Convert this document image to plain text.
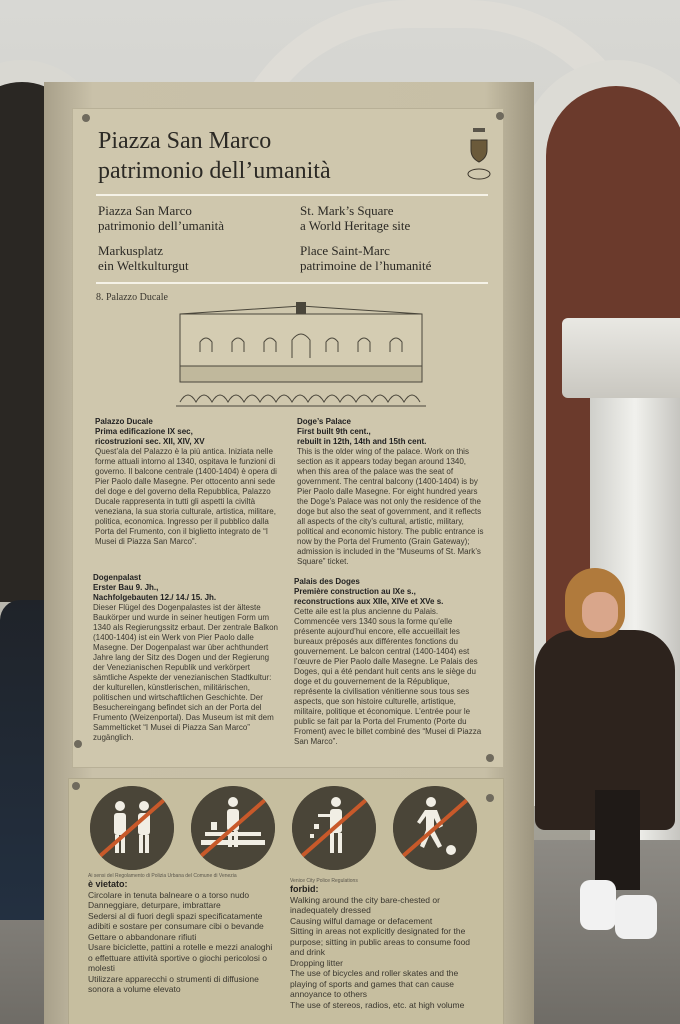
Piazza San Marco
patrimonio dell’umanità
Piazza San Marco
patrimonio dell’umanità
St. Mark’s Square
a World Heritage site
Markusplatz
ein Weltkulturgut
Place Saint-Marc
patrimoine de l’humanité
8. Palazzo Ducale
Palazzo Ducale
Prima edificazione IX sec,
ricostruzioni sec. XII, XIV, XV
Quest’ala del Palazzo è la più antica. Iniziata nelle forme attuali intorno al 1340, ospitava le funzioni di governo. Il balcone centrale (1400-1404) è opera di Pier Paolo dalle Masegne. Per ottocento anni sede del doge e del governo della Repubblica, Palazzo Ducale rappresenta in tutti gli aspetti la civiltà veneziana, la sua storia culturale, artistica, militare, politica, economica. Ingresso per il pubblico dalla Porta del Frumento, con il biglietto integrato de “I Musei di Piazza San Marco”.
Doge’s Palace
First built 9th cent.,
rebuilt in 12th, 14th and 15th cent.
This is the older wing of the palace. Work on this section as it appears today began around 1340, when this area of the palace was the seat of government. The central balcony (1400-1404) is by Pier Paolo dalle Masegne. For eight hundred years the Doge’s Palace was not only the residence of the doge but also the seat of government, and it reflects all aspects of the city’s cultural, artistic, military, political and economic history. The public entrance is now by the Porta del Frumento (Grain Gateway); admission is included in the “Museums of St. Mark’s Square” ticket.
Dogenpalast
Erster Bau 9. Jh.,
Nachfolgebauten 12./ 14./ 15. Jh.
Dieser Flügel des Dogenpalastes ist der älteste Baukörper und wurde in seiner heutigen Form um 1340 als Regierungssitz erbaut. Der zentrale Balkon (1400-1404) ist ein Werk von Pier Paolo dalle Masegne. Der Dogenpalast war über achthundert Jahre lang der Sitz des Dogen und der Regierung der Venezianischen Republik und verkörpert sämtliche Aspekte der venezianischen Stadtkultur: der kulturellen, künstlerischen, militärischen, politischen und wirtschaftlichen Geschichte. Der Besuchereingang befindet sich an der Porta del Frumento (Weizenportal). Das Museum ist mit dem Sammelticket “I Musei di Piazza San Marco” zugänglich.
Palais des Doges
Première construction au IXe s.,
reconstructions aux XIIe, XIVe et XVe s.
Cette aile est la plus ancienne du Palais. Commencée vers 1340 sous la forme qu’elle présente aujourd’hui encore, elle accueillait les bureaux préposés aux différentes fonctions du gouvernement. Le balcon central (1400-1404) est l’œuvre de Pier Paolo dalle Masegne. Le Palais des Doges, qui a été pendant huit cents ans le siège du doge et du gouvernement de la République, représente la civilisation vénitienne sous tous ses aspects, que son histoire culturelle, artistique, militaire, politique et économique. L’entrée pour le public se fait par la Porta del Frumento (Porte du Froment) avec le billet combiné des “Musei di Piazza San Marco”.
Ai sensi del Regolamento di Polizia Urbana del Comune di Venezia
è vietato:
Circolare in tenuta balneare o a torso nudo
Danneggiare, deturpare, imbrattare
Sedersi al di fuori degli spazi specificatamente adibiti e sostare per consumare cibi o bevande
Gettare o abbandonare rifiuti
Usare biciclette, pattini a rotelle e mezzi analoghi o effettuare attività sportive o giochi pericolosi o molesti
Utilizzare apparecchi o strumenti di diffusione sonora a volume elevato
Venice City Police Regulations
forbid:
Walking around the city bare-chested or inadequately dressed
Causing wilful damage or defacement
Sitting in areas not explicitly designated for the purpose; sitting in public areas to consume food and drink
Dropping litter
The use of bicycles and roller skates and the playing of sports and games that can cause annoyance to others
The use of stereos, radios, etc. at high volume
